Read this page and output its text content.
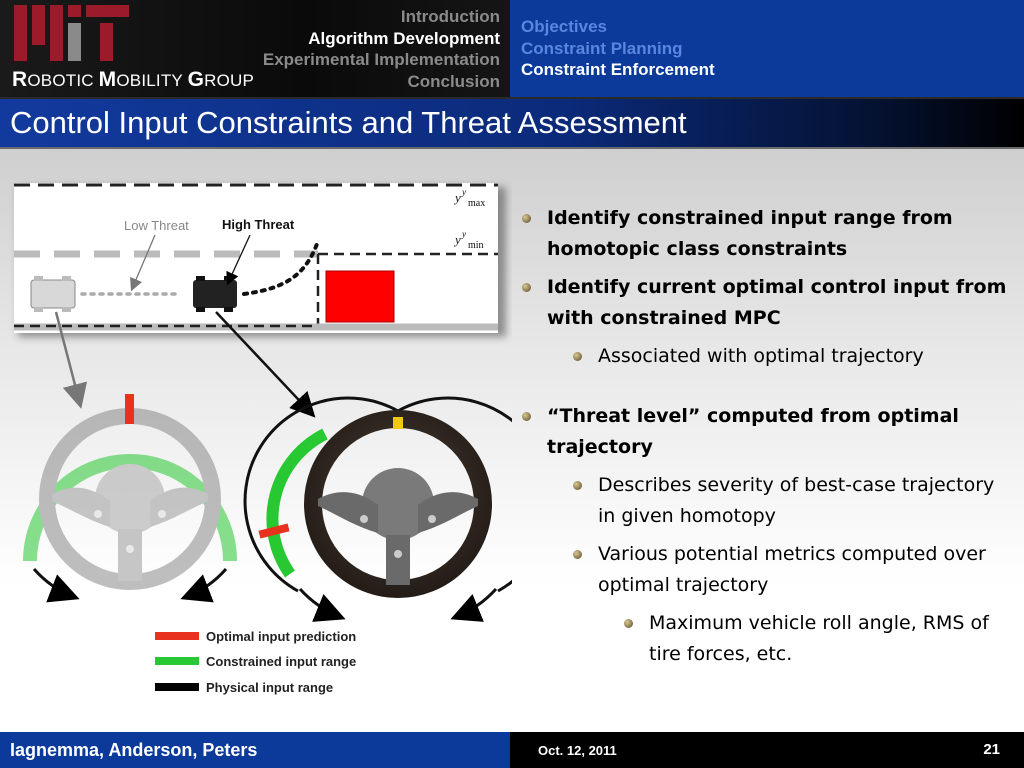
ROBOTIC MOBILITY GROUP
Introduction
Algorithm Development
Experimental Implementation
Conclusion
Objectives
Constraint Planning
Constraint Enforcement
Control Input Constraints and Threat Assessment
Low Threat	High Threat
y y
max
y y
min
Optimal input prediction
Constrained input range
Physical input range
Identify constrained input range from homotopic class constraints
Identify current optimal control input from with constrained MPC
Associated with optimal trajectory
“Threat level” computed from optimal trajectory
Describes severity of best-case trajectory in given homotopy
Various potential metrics computed over optimal trajectory
Maximum vehicle roll angle, RMS of tire forces, etc.
Iagnemma, Anderson, Peters	Oct. 12, 2011	21
